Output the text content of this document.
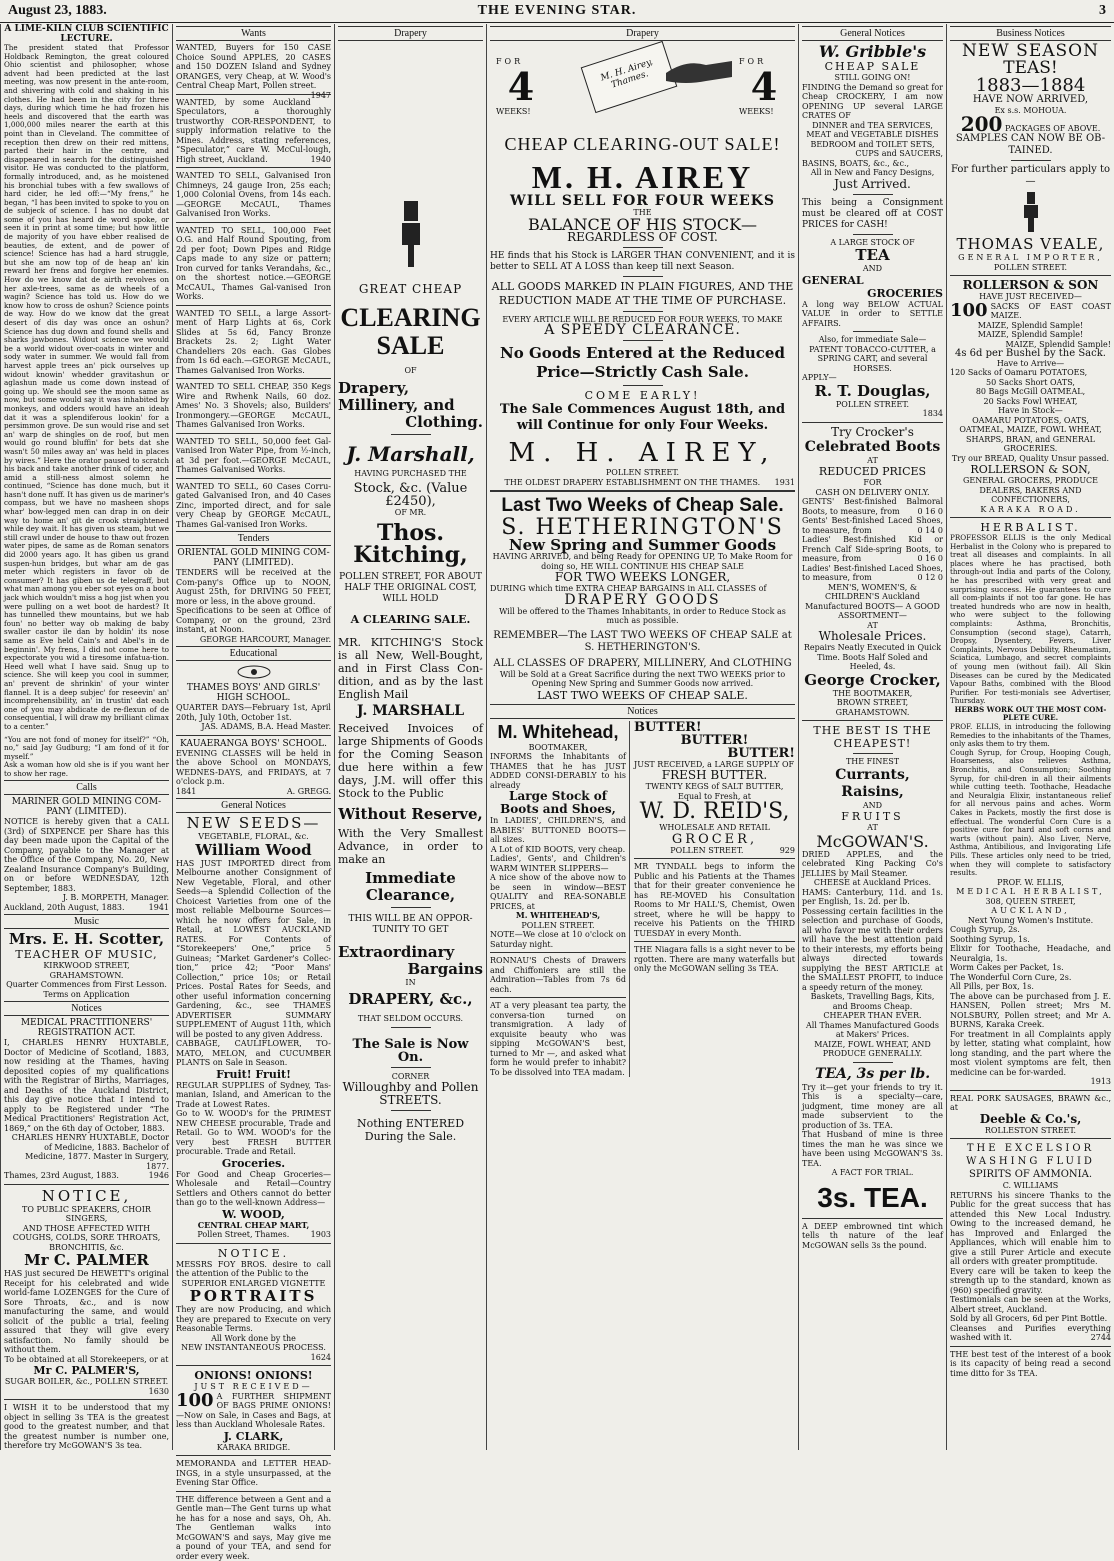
August 23, 1883.	THE EVENING STAR.	3
A LIME-KILN CLUB SCIENTIFIC LECTURE.
The president stated that Professor Holdback Remington, the great coloured Ohio scientist and philosopher, whose advent had been predicted at the last meeting, was now present in the ante-room, and shivering with cold and shaking in his clothes. He had been in the city for three days, during which time he had frozen his heels and discovered that the earth was 1,000,000 miles nearer the earth at this point than in Cleveland. The committee of reception then drew on their red mittens, parted their hair in the centre, and disappeared in search for the distinguished visitor. He was conducted to the platform, formally introduced, and, as he moistened his bronchial tubes with a few swallows of hard cider, he led off:—“My frens,” he began, “I has been invited to spoke to you on de subjeck of science. I has no doubt dat some of you has heard de word spoke, or seen it in print at some time; but how little de majority of you have ebber realised de beauties, de extent, and de power of science! Science has had a hard struggle, but she am now top of de heap an' kin reward her frens and forgive her enemies. How do we know dat de airth revolves on her axle-trees, same as de wheels of a wagin? Science has told us. How do we know how to cross de oshun? Science points de way. How do we know dat the great desert of dis day was once an oshun? Science has dug down and found shells and sharks jawbones. Widout science we would be a world widout over-coats in winter and sody water in summer. We would fall from harvest apple trees an' pick ourselves up widout knowin' whedder gravitashun or aglashun made us come down instead of going up. We should see the moon same as now, but some would say it was inhabited by monkeys, and odders would have an ideah dat it was a splendiferous lookin' for a persimmon grove. De sun would rise and set an' warp de shingles on de roof, but men would go round bluffin' for bets dat she wasn't 50 miles away an' was held in places by wires.” Here the orator paused to scratch his back and take another drink of cider, and amid a still-ness almost solemn he continued, “Science has done much, but it hasn't done nuff. It has given us de mariner's compass, but we have no masheen shops whar' bow-legged men can drap in on deir way to home an' git de crook straightened while dey wait. It has given us steam, but we still crawl under de house to thaw out frozen water pipes, de same as de Roman senators did 2000 years ago. It has giben us grand suspen-hun bridges, but whar am de gas meter which registers in favor ob de consumer? It has giben us de telegraff, but what man among you eber sot eyes on a boot jack which wouldn't miss a hog jist when you were pulling on a wet boot de hardest? It has tunnelled thew mountains, but we hab foun' no better way ob making de baby swaller castor ile dan by holdin' its nose same as Eve held Cain's and Abel's in de beginnin'. My frens, I did not come here to expectorate you wid a tiresome infatua-tion. Heed well what I have said. Snug up to science. She will keep you cool in summer, an' prevent de shrinkin' of your winter flannel. It is a deep subjec' for reseevin' an' incomprehensibility, an' in trustin' dat each one of you may abdicate de re-flexun of de consequential, I will draw my brilliant climax to a center.”
“You are not fond of money for itself?” “Oh, no,” said Jay Gudburg; “I am fond of it for myself.”
Ask a woman how old she is if you want her to show her rage.
Calls
MARINER GOLD MINING COM-PANY (LIMITED).
NOTICE is hereby given that a CALL (3rd) of SIXPENCE per Share has this day been made upon the Capital of the Company, payable to the Manager at the Office of the Company, No. 20, New Zealand Insurance Company's Building, on or before WEDNESDAY, 12th September, 1883.
J. B. MORPETH, Manager.
Auckland, 20th August, 1883.	1941
Music
Mrs. E. H. Scotter,
TEACHER OF MUSIC,
KIRKWOOD STREET,
GRAHAMSTOWN.
Quarter Commences from First Lesson.
Terms on Application
Notices
MEDICAL PRACTITIONERS' REGISTRATION ACT.
I, CHARLES HENRY HUXTABLE, Doctor of Medicine of Scotland, 1883, now residing at the Thames, having deposited copies of my qualifications with the Registrar of Births, Marriages, and Deaths of the Auckland District, this day give notice that I intend to apply to be Registered under “The Medical Practitioners' Registration Act, 1869,” on the 6th day of October, 1883.
CHARLES HENRY HUXTABLE, Doctor of Medicine, 1883. Bachelor of Medicine, 1877. Master in Surgery, 1877.
Thames, 23rd August, 1883.	1946
NOTICE,
TO PUBLIC SPEAKERS, CHOIR SINGERS,
AND THOSE AFFECTED WITH COUGHS, COLDS, SORE THROATS, BRONCHITIS, &c.
Mr C. PALMER
HAS just secured De HEWETT's original Receipt for his celebrated and wide world-fame LOZENGES for the Cure of Sore Throats, &c., and is now manufacturing the same, and would solicit of the public a trial, feeling assured that they will give every satisfaction. No family should be without them.
To be obtained at all Storekeepers, or at
Mr C. PALMER'S,
SUGAR BOILER, &c., POLLEN STREET.
1630
I WISH it to be understood that my object in selling 3s TEA is the greatest good to the greatest number, and that the greatest number is number one, therefore try McGOWAN'S 3s tea.
Wants
WANTED, Buyers for 150 CASE Choice Sound APPLES, 20 CASES and 150 DOZEN Island and Sydney ORANGES, very Cheap, at W. Wood's Central Cheap Mart, Pollen street.
1947
WANTED, by some Auckland Speculators, a thoroughly trustworthy COR-RESPONDENT, to supply information relative to the Mines. Address, stating references, “Speculator,” care W. McCul-lough, High street, Auckland.	1940
WANTED TO SELL, Galvanised Iron Chimneys, 24 gauge Iron, 25s each; 1,000 Colonial Ovens, from 14s each.—GEORGE McCAUL, Thames Galvanised Iron Works.
WANTED TO SELL, 100,000 Feet O.G. and Half Round Spouting, from 2d per foot; Down Pipes and Ridge Caps made to any size or pattern; Iron curved for tanks Verandahs, &c., on the shortest notice.—GEORGE McCAUL, Thames Gal-vanised Iron Works.
WANTED TO SELL, a large Assort-ment of Harp Lights at 6s, Cork Slides at 5s 6d, Fancy Bronze Brackets 2s. 2; Light Water Chandeliers 20s each. Gas Globes from 1s 6d each.—GEORGE McCAUL, Thames Galvanised Iron Works.
WANTED TO SELL CHEAP, 350 Kegs Wire and Rwhenk Nails, 60 doz. Ames' No. 3 Shovels; also, Builders' Ironmongery.—GEORGE McCAUL, Thames Galvanised Iron Works.
WANTED TO SELL, 50,000 feet Gal-vanised Iron Water Pipe, from ½-inch, at 3d per foot.—GEORGE McCAUL, Thames Galvanised Works.
WANTED TO SELL, 60 Cases Corru-gated Galvanised Iron, and 40 Cases Zinc, imported direct, and for sale very Cheap by GEORGE McCAUL, Thames Gal-vanised Iron Works.
Tenders
ORIENTAL GOLD MINING COM-PANY (LIMITED).
TENDERS will be received at the Com-pany's Office up to NOON, August 25th, for DRIVING 50 FEET, more or less, in the above ground.
Specifications to be seen at Office of Company, or on the ground, 23rd instant, at Noon.
GEORGE HARCOURT, Manager.
Educational
THAMES BOYS' AND GIRLS' HIGH SCHOOL.
QUARTER DAYS—February 1st, April 20th, July 10th, October 1st.
JAS. ADAMS, B.A. Head Master.
KAUAERANGA BOYS' SCHOOL.
EVENING CLASSES will be held in the above School on MONDAYS, WEDNES-DAYS, and FRIDAYS, at 7 o'clock p.m.
1841	A. GREGG.
General Notices
NEW SEEDS—
VEGETABLE, FLORAL, &c.
William Wood
HAS JUST IMPORTED direct from Melbourne another Consignment of New Vegetable, Floral, and other Seeds—a Splendid Collection of the Choicest Varieties from one of the most reliable Melbourne Sources—which he now offers for Sale, in Retail, at LOWEST AUCKLAND RATES. For Contents of “Storekeepers' One,” price 5 Guineas; “Market Gardener's Collec-tion,” price 42; “Poor Mans' Collection,” price 10s; or Retail Prices. Postal Rates for Seeds, and other useful information concerning Gardening, &c., see THAMES ADVERTISER SUMMARY SUPPLEMENT of August 11th, which will be posted to any given Address.
CABBAGE, CAULIFLOWER, TO-MATO, MELON, and CUCUMBER PLANTS on Sale in Season.
Fruit! Fruit!
REGULAR SUPPLIES of Sydney, Tas-manian, Island, and American to the Trade at Lowest Rates.
Go to W. WOOD's for the PRIMEST NEW CHEESE procurable, Trade and Retail. Go to WM. WOOD's for the very best FRESH BUTTER procurable. Trade and Retail.
Groceries.
For Good and Cheap Groceries—Wholesale and Retail—Country Settlers and Others cannot do better than go to the well-known Address—
W. WOOD,
CENTRAL CHEAP MART,
Pollen Street, Thames.	1903
NOTICE.
MESSRS FOY BROS. desire to call the attention of the Public to the
SUPERIOR ENLARGED VIGNETTE
PORTRAITS
They are now Producing, and which they are prepared to Execute on very Reasonable Terms.
All Work done by the
NEW INSTANTANEOUS PROCESS.
1624
ONIONS! ONIONS!
JUST RECEIVED—
100 A FURTHER SHIPMENT OF BAGS PRIME ONIONS!—Now on Sale, in Cases and Bags, at less than Auckland Wholesale Rates.
J. CLARK,
KARAKA BRIDGE.
MEMORANDA and LETTER HEAD-INGS, in a style unsurpassed, at the Evening Star Office.
THE difference between a Gent and a Gentle man—The Gent turns up what he has for a nose and says, Oh, Ah. The Gentleman walks into McGOWAN'S and says, May give me a pound of your TEA, and send for order every week.
Drapery
GREAT CHEAP
CLEARING
SALE
OF
Drapery,
Millinery, and
Clothing.
J. Marshall,
HAVING PURCHASED THE
Stock, &c. (Value £2450),
OF MR.
Thos. Kitching,
POLLEN STREET, FOR ABOUT HALF THE ORIGINAL COST, WILL HOLD
A CLEARING SALE.
MR. KITCHING'S Stock is all New, Well-Bought, and in First Class Con-dition, and as by the last English Mail
J. MARSHALL
Received Invoices of large Shipments of Goods for the Coming Season due here within a few days, J.M. will offer this Stock to the Public
Without Reserve,
With the Very Smallest Advance, in order to make an
Immediate Clearance,
THIS WILL BE AN OPPOR-TUNITY TO GET
Extraordinary
Bargains
IN
DRAPERY, &c.,
THAT SELDOM OCCURS.
The Sale is Now On.
CORNER
Willoughby and Pollen STREETS.
Nothing ENTERED During the Sale.
Drapery
FOR
4
WEEKS!
M. H. Airey, Thames.
FOR
4
WEEKS!
CHEAP CLEARING-OUT SALE!
M. H. AIREY
WILL SELL FOR FOUR WEEKS
THE
BALANCE OF HIS STOCK—
REGARDLESS OF COST.
HE finds that his Stock is LARGER THAN CONVENIENT, and it is better to SELL AT A LOSS than keep till next Season.
ALL GOODS MARKED IN PLAIN FIGURES, AND THE REDUCTION MADE AT THE TIME OF PURCHASE.
EVERY ARTICLE WILL BE REDUCED FOR FOUR WEEKS, TO MAKE
A SPEEDY CLEARANCE.
No Goods Entered at the Reduced Price—Strictly Cash Sale.
COME EARLY!
The Sale Commences August 18th, and will Continue for only Four Weeks.
M. H. AIREY,
POLLEN STREET.
THE OLDEST DRAPERY ESTABLISHMENT ON THE THAMES. 1931
Last Two Weeks of Cheap Sale.
S. HETHERINGTON'S
New Spring and Summer Goods
HAVING ARRIVED, and being Ready for OPENING UP, To Make Room for doing so, HE WILL CONTINUE HIS CHEAP SALE
FOR TWO WEEKS LONGER,
DURING which time EXTRA CHEAP BARGAINS in ALL CLASSES of
DRAPERY GOODS
Will be offered to the Thames Inhabitants, in order to Reduce Stock as much as possible.
REMEMBER—The LAST TWO WEEKS OF CHEAP SALE at S. HETHERINGTON'S.
ALL CLASSES OF DRAPERY, MILLINERY, And CLOTHING
Will be Sold at a Great Sacrifice during the next TWO WEEKS prior to Opening New Spring and Summer Goods now arrived.
LAST TWO WEEKS OF CHEAP SALE.
Notices
M. Whitehead,
BOOTMAKER,
INFORMS the Inhabitants of THAMES that he has JUST ADDED CONSI-DERABLY to his already
Large Stock of Boots and Shoes,
In LADIES', CHILDREN'S, and BABIES' BUTTONED BOOTS—all sizes.
A Lot of KID BOOTS, very cheap.
Ladies', Gents', and Children's WARM WINTER SLIPPERS—
A nice show of the above now to be seen in window—BEST QUALITY and REA-SONABLE PRICES, at
M. WHITEHEAD'S,
POLLEN STREET.
NOTE—We close at 10 o'clock on Saturday night.
RONNAU'S Chests of Drawers and Chiffoniers are still the Admiration—Tables from 7s 6d each.
AT a very pleasant tea party, the conversa-tion turned on transmigration. A lady of exquisite beauty who was sipping McGOWAN'S best, turned to Mr —, and asked what form he would prefer to inhabit? To be dissolved into TEA madam.
BUTTER!
BUTTER!
BUTTER!
JUST RECEIVED, a LARGE SUPPLY OF
FRESH BUTTER.
TWENTY KEGS of SALT BUTTER, Equal to Fresh, at
W. D. REID'S,
WHOLESALE AND RETAIL
GROCER,
POLLEN STREET.	929
MR TYNDALL begs to inform the Public and his Patients at the Thames that for their greater convenience he has RE-MOVED his Consultation Rooms to Mr HALL'S, Chemist, Owen street, where he will be happy to receive his Patients on the THIRD TUESDAY in every Month.
THE Niagara falls is a sight never to be rgotten. There are many waterfalls but only the McGOWAN selling 3s TEA.
General Notices
W. Gribble's
CHEAP SALE
STILL GOING ON!
FINDING the Demand so great for Cheap CROCKERY, I am now OPENING UP several LARGE CRATES OF
DINNER and TEA SERVICES,
MEAT and VEGETABLE DISHES
BEDROOM and TOILET SETS,
CUPS and SAUCERS,
BASINS, BOATS, &c., &c.,
All in New and Fancy Designs,
Just Arrived.
This being a Consignment must be cleared off at COST PRICES for CASH!
A LARGE STOCK OF
TEA
AND
GENERAL
GROCERIES
A long way BELOW ACTUAL VALUE in order to SETTLE AFFAIRS.
Also, for immediate Sale—
PATENT TOBACCO-CUTTER, a SPRING CART, and several HORSES.
APPLY—
R. T. Douglas,
POLLEN STREET.
1834
Try Crocker's
Celebrated Boots
AT
REDUCED PRICES
FOR
CASH ON DELIVERY ONLY.
GENTS' Best-finished Balmoral Boots, to measure, from 0 16 0
Gents' Best-finished Laced Shoes, to measure, from	0 14 0
Ladies' Best-finished Kid or French Calf Side-spring Boots, to measure, from	0 16 0
Ladies' Best-finished Laced Shoes, to measure, from	0 12 0
MEN'S, WOMEN'S, & CHILDREN'S Auckland Manufactured BOOTS— A GOOD ASSORTMENT—
AT
Wholesale Prices.
Repairs Neatly Executed in Quick Time. Boots Half Soled and Heeled, 4s.
George Crocker,
THE BOOTMAKER,
BROWN STREET,
GRAHAMSTOWN.
THE BEST IS THE CHEAPEST!
THE FINEST
Currants, Raisins,
AND
FRUITS
AT
McGOWAN'S.
DRIED APPLES, and the celebrated King Packing Co's JELLIES by Mail Steamer.
CHEESE at Auckland Prices.
HAMS: Canterbury, 11d. and 1s. per English, 1s. 2d. per lb.
Possessing certain facilities in the selection and purchase of Goods, all who favor me with their orders will have the best attention paid to their interests, my efforts being always directed towards supplying the BEST ARTICLE at the SMALLEST PROFIT, to induce a speedy return of the money.
Baskets, Travelling Bags, Kits, and Brooms Cheap.
CHEAPER THAN EVER.
All Thames Manufactured Goods at Makers' Prices.
MAIZE, FOWL WHEAT, AND PRODUCE GENERALLY.
TEA, 3s per lb.
Try it—get your friends to try it. This is a specialty—care, judgment, time money are all made subservient to the production of 3s. TEA.
That Husband of mine is three times the man he was since we have been using McGOWAN'S 3s. TEA.
A FACT FOR TRIAL.
3s. TEA.
A DEEP embrowned tint which tells th nature of the leaf McGOWAN sells 3s the pound.
Business Notices
NEW SEASON
TEAS!
1883—1884
HAVE NOW ARRIVED,
Ex s.s. MOHOUA.
200 PACKAGES OF ABOVE.
SAMPLES CAN NOW BE OB-TAINED.
For further particulars apply to—
THOMAS VEALE,
GENERAL IMPORTER,
POLLEN STREET.
ROLLERSON & SON
HAVE JUST RECEIVED—
100 SACKS OF EAST COAST MAIZE.
MAIZE, Splendid Sample!
MAIZE, Splendid Sample!
MAIZE, Splendid Sample!
4s 6d per Bushel by the Sack.
Have to Arrive—
120 Sacks of Oamaru POTATOES,
50 Sacks Short OATS,
80 Bags McGill OATMEAL,
20 Sacks Fowl WHEAT,
Have in Stock—
OAMARU POTATOES, OATS, OATMEAL, MAIZE, FOWL WHEAT, SHARPS, BRAN, and GENERAL GROCERIES.
Try our BREAD, Quality Unsur passed.
ROLLERSON & SON,
GENERAL GROCERS, PRODUCE DEALERS, BAKERS AND CONFECTIONERS,
KARAKA ROAD.
HERBALIST.
PROFESSOR ELLIS is the only Medical Herbalist in the Colony who is prepared to treat all diseases and complaints. In all places where he has practised, both through-out India and parts of the Colony, he has prescribed with very great and surprising success. He guarantees to cure all com-plaints if not too far gone. He has treated hundreds who are now in health, who were subject to the following complaints: Asthma, Bronchitis, Consumption (second stage), Catarrh, Dropsy, Dysentery, Fevers, Liver Complaints, Nervous Debility, Rheumatism, Sciatica, Lumbago, and secret complaints of young men (without fail). All Skin Diseases can be cured by the Medicated Vapour Baths, combined with the Blood Purifier. For testi-monials see Advertiser, Thursday.
HERBS WORK OUT THE MOST COM-PLETE CURE.
PROF. ELLIS, in introducing the following Remedies to the inhabitants of the Thames, only asks them to try them.
Cough Syrup, for Croup, Hooping Cough, Hoarseness, also relieves Asthma, Bronchitis, and Consumption; Soothing Syrup, for chil-dren in all their ailments while cutting teeth. Toothache, Headache and Neuralgia Elixir, instantaneous relief for all nervous pains and aches. Worm Cakes in Packets, mostly the first dose is effectual. The wonderful Corn Cure is a positive cure for hard and soft corns and warts (without pain). Also Liver, Nerve, Asthma, Antibilious, and Invigorating Life Pills. These articles only need to be tried, when they will complete to satisfactory results.
PROF. W. ELLIS,
MEDICAL HERBALIST,
308, QUEEN STREET,
AUCKLAND,
Next Young Women's Institute.
Cough Syrup, 2s.
Soothing Syrup, 1s.
Elixir for Toothache, Headache, and Neuralgia, 1s.
Worm Cakes per Packet, 1s.
The Wonderful Corn Cure, 2s.
All Pills, per Box, 1s.
The above can be purchased from J. E. HANSEN, Pollen street; Mrs M. NOLSBURY, Pollen street; and Mr A. BURNS, Karaka Creek.
For treatment in all Complaints apply by letter, stating what complaint, how long standing, and the part where the most violent symptoms are felt, then medicine can be for-warded.
1913
REAL PORK SAUSAGES, BRAWN &c., at
Deeble & Co.'s,
ROLLESTON STREET.
THE EXCELSIOR
WASHING FLUID
SPIRITS OF AMMONIA.
C. WILLIAMS
RETURNS his sincere Thanks to the Public for the great success that has attended this New Local Industry. Owing to the increased demand, he has Improved and Enlarged the Appliances, which will enable him to give a still Purer Article and execute all orders with greater promptitude.
Every care will be taken to keep the strength up to the standard, known as (960) specified gravity.
Testimonials can be seen at the Works, Albert street, Auckland.
Sold by all Grocers, 6d per Pint Bottle.
Cleanses and Purifies everything washed with it.	2744
THE best test of the interest of a book is its capacity of being read a second time ditto for 3s TEA.
